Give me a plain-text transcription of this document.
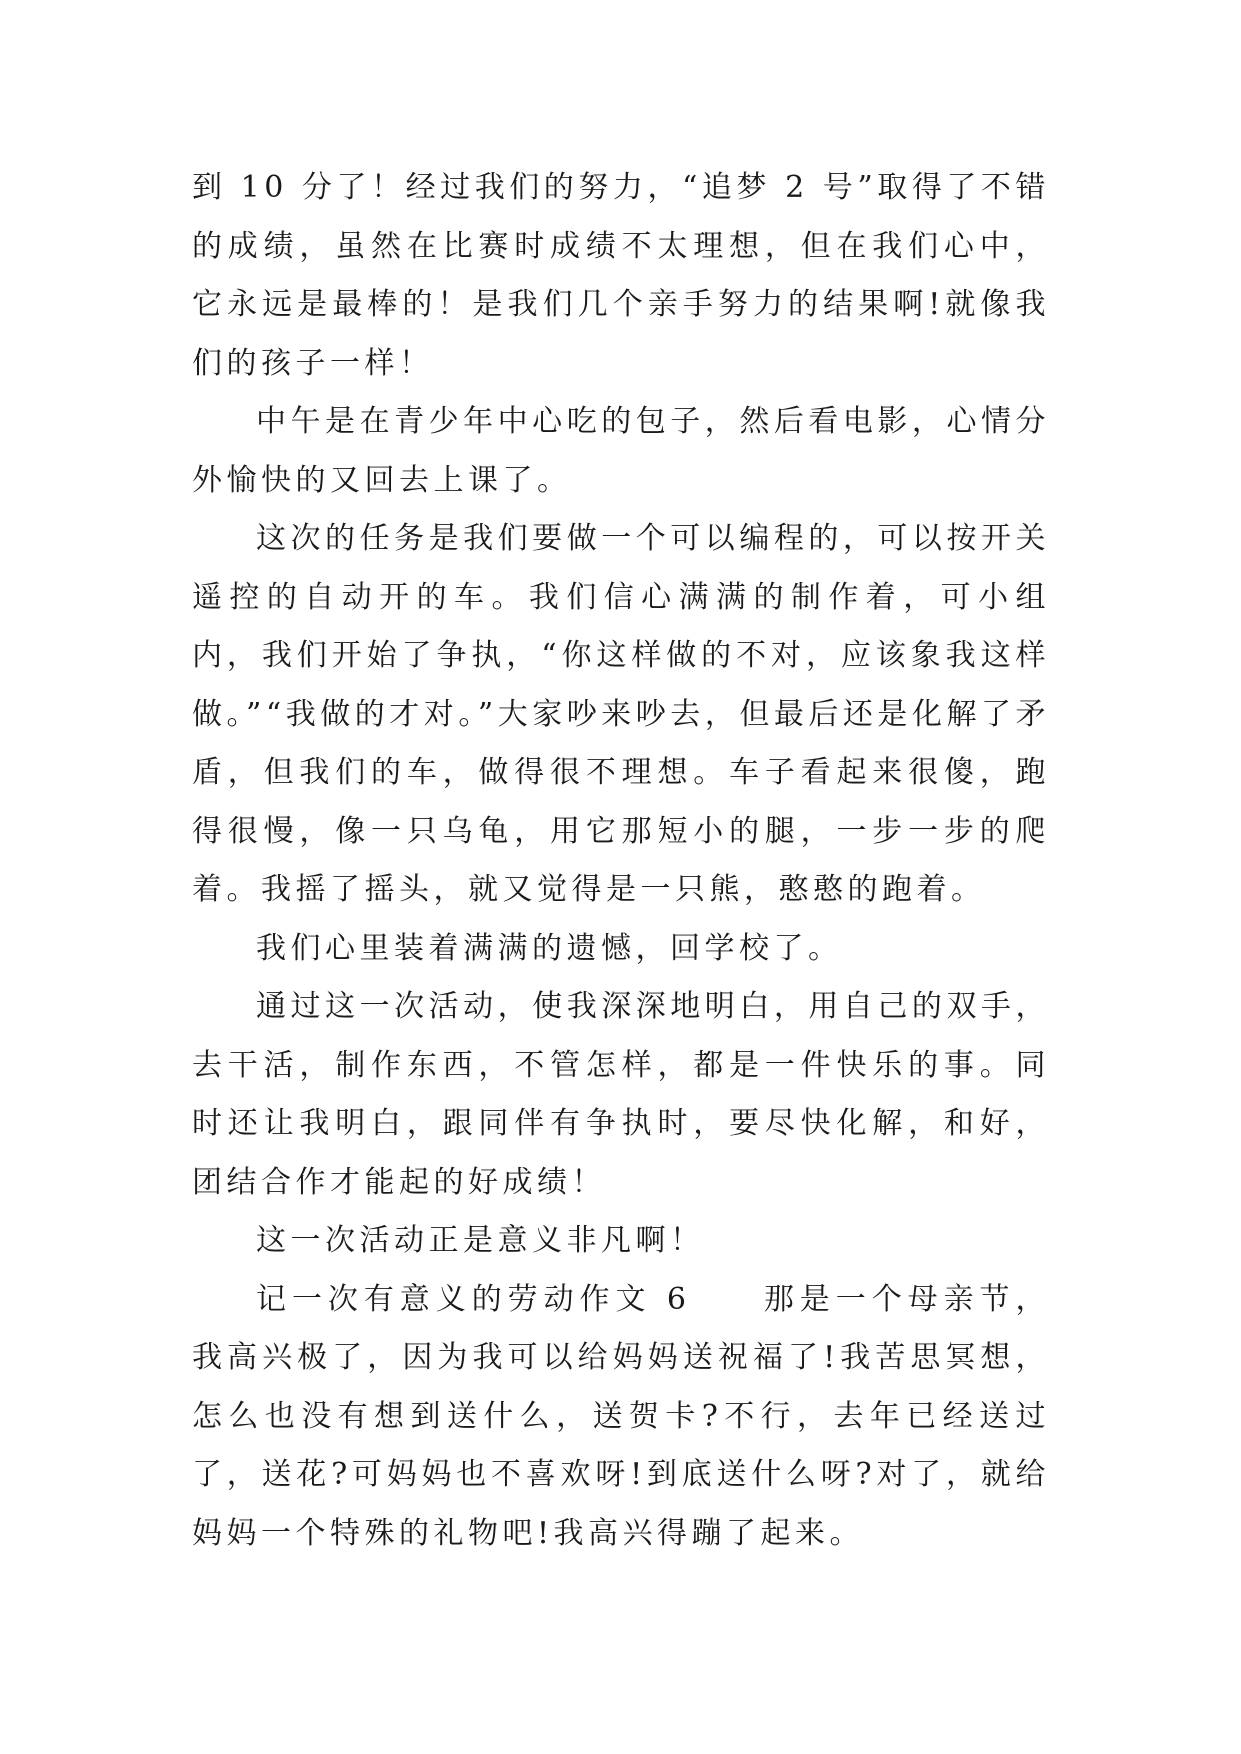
到 10 分了！经过我们的努力，“追梦 2 号”取得了不错的成绩，虽然在比赛时成绩不太理想，但在我们心中，它永远是最棒的！是我们几个亲手努力的结果啊!就像我们的孩子一样！

中午是在青少年中心吃的包子，然后看电影，心情分外愉快的又回去上课了。

这次的任务是我们要做一个可以编程的，可以按开关遥控的自动开的车。我们信心满满的制作着，可小组内，我们开始了争执，“你这样做的不对，应该象我这样做。”“我做的才对。”大家吵来吵去，但最后还是化解了矛盾，但我们的车，做得很不理想。车子看起来很傻，跑得很慢，像一只乌龟，用它那短小的腿，一步一步的爬着。我摇了摇头，就又觉得是一只熊，憨憨的跑着。

我们心里装着满满的遗憾，回学校了。

通过这一次活动，使我深深地明白，用自己的双手，去干活，制作东西，不管怎样，都是一件快乐的事。同时还让我明白，跟同伴有争执时，要尽快化解，和好，团结合作才能起的好成绩！

这一次活动正是意义非凡啊！

记一次有意义的劳动作文 6　　那是一个母亲节，我高兴极了，因为我可以给妈妈送祝福了!我苦思冥想，怎么也没有想到送什么，送贺卡?不行，去年已经送过了，送花?可妈妈也不喜欢呀!到底送什么呀?对了，就给妈妈一个特殊的礼物吧!我高兴得蹦了起来。
